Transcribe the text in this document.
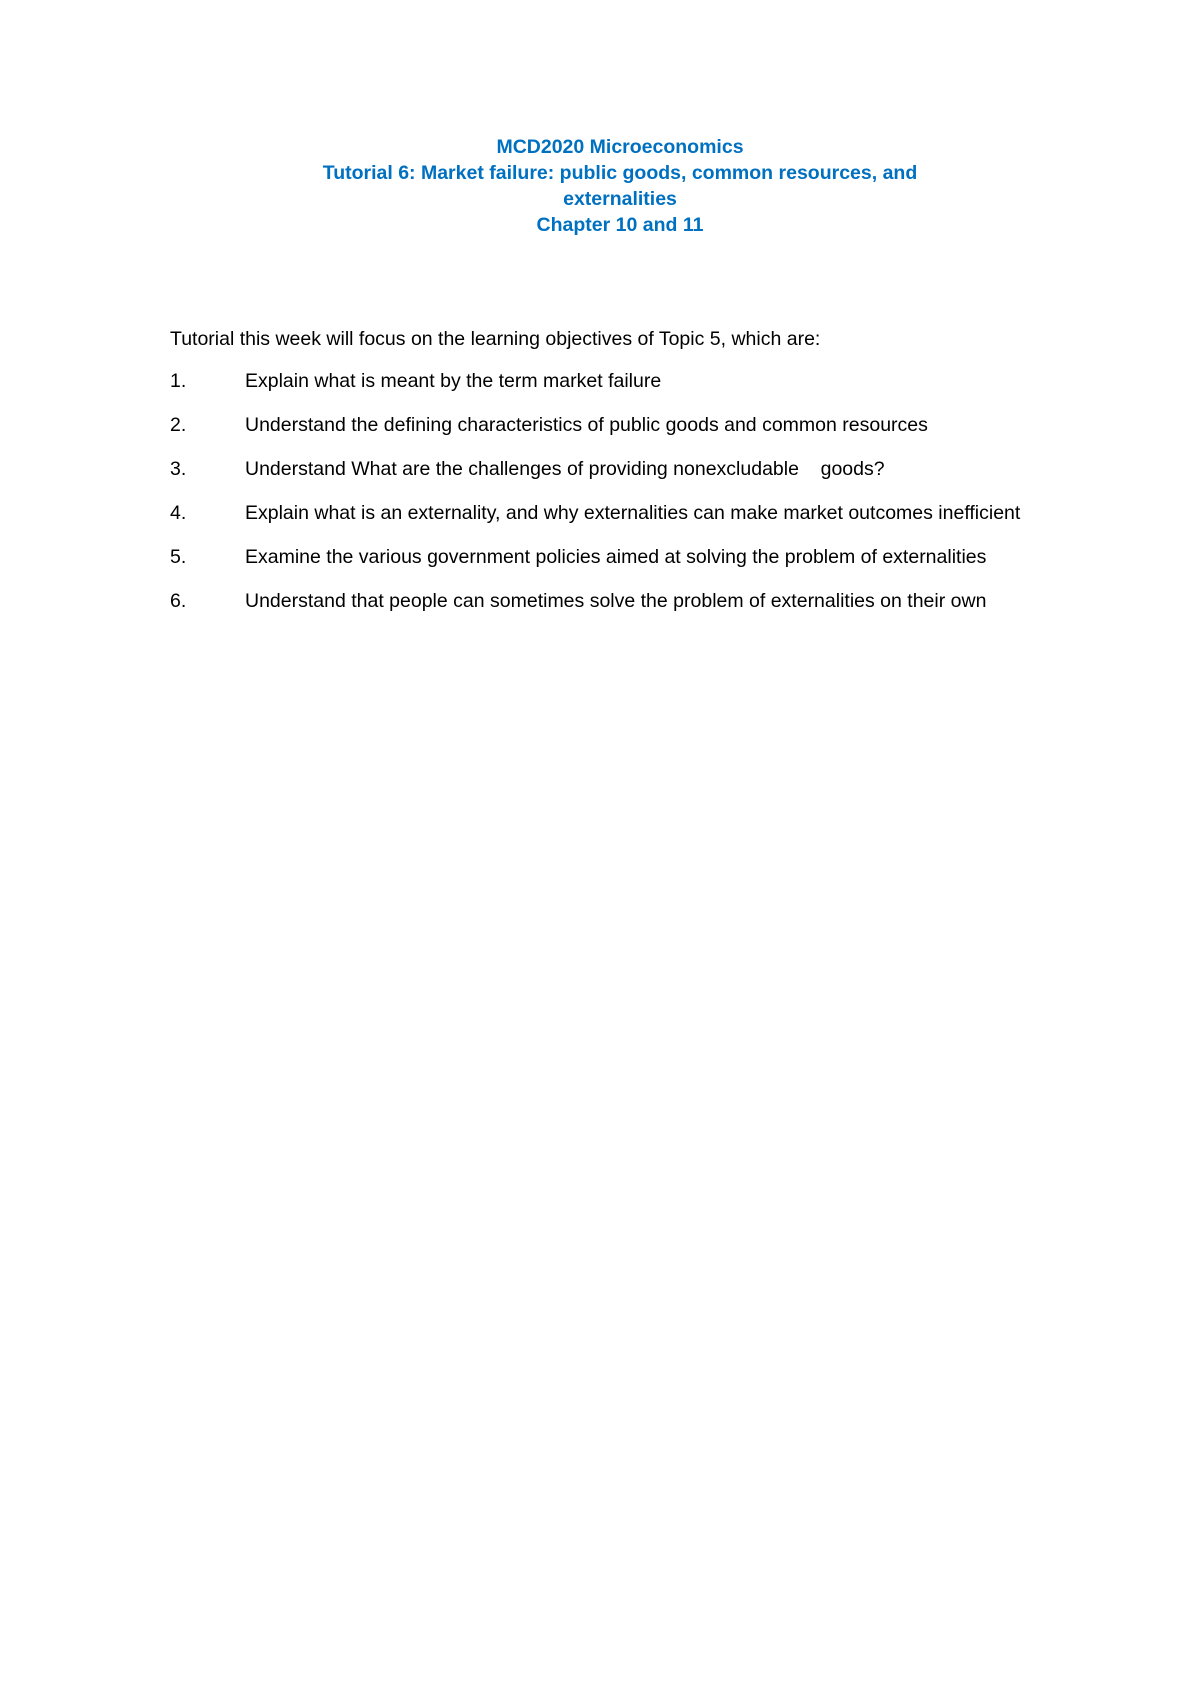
MCD2020 Microeconomics
Tutorial 6: Market failure: public goods, common resources, and
externalities
Chapter 10 and 11
Tutorial this week will focus on the learning objectives of Topic 5, which are:
1.	Explain what is meant by the term market failure
2.	Understand the defining characteristics of public goods and common resources
3.	Understand What are the challenges of providing nonexcludable    goods?
4.	Explain what is an externality, and why externalities can make market outcomes inefficient
5.	Examine the various government policies aimed at solving the problem of externalities
6.	Understand that people can sometimes solve the problem of externalities on their own
